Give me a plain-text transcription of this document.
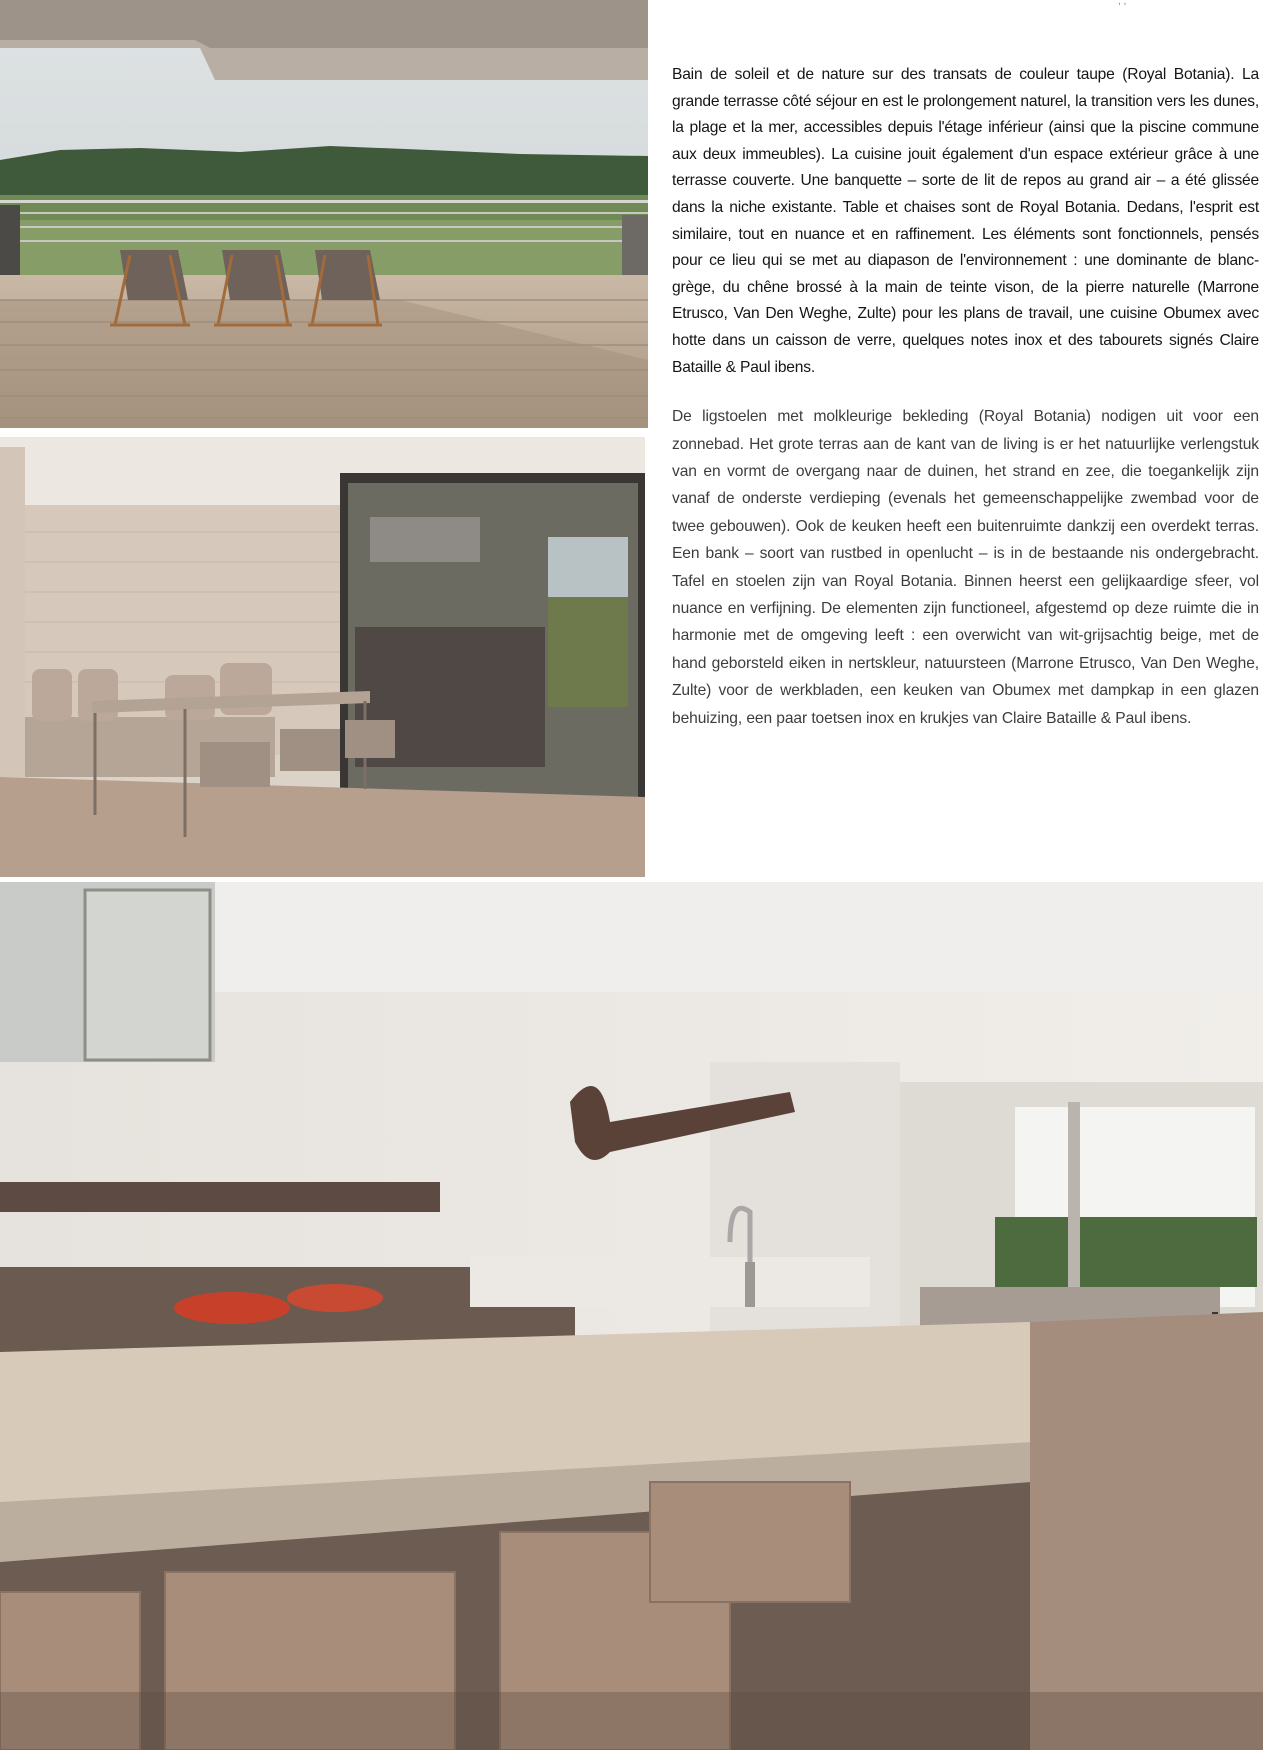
, ,

Bain de soleil et de nature sur des transats de couleur taupe (Royal Botania). La grande terrasse côté séjour en est le prolongement naturel, la transition vers les dunes, la plage et la mer, accessibles depuis l'étage inférieur (ainsi que la piscine commune aux deux immeubles). La cuisine jouit également d'un espace extérieur grâce à une terrasse couverte. Une banquette – sorte de lit de repos au grand air – a été glissée dans la niche existante. Table et chaises sont de Royal Botania. Dedans, l'esprit est similaire, tout en nuance et en raffinement. Les éléments sont fonctionnels, pensés pour ce lieu qui se met au diapason de l'environnement : une dominante de blanc-grège, du chêne brossé à la main de teinte vison, de la pierre naturelle (Marrone Etrusco, Van Den Weghe, Zulte) pour les plans de travail, une cuisine Obumex avec hotte dans un caisson de verre, quelques notes inox et des tabourets signés Claire Bataille & Paul ibens.

De ligstoelen met molkleurige bekleding (Royal Botania) nodigen uit voor een zonnebad. Het grote terras aan de kant van de living is er het natuurlijke verlengstuk van en vormt de overgang naar de duinen, het strand en zee, die toegankelijk zijn vanaf de onderste verdieping (evenals het gemeenschappelijke zwembad voor de twee gebouwen). Ook de keuken heeft een buitenruimte dankzij een overdekt terras. Een bank – soort van rustbed in openlucht – is in de bestaande nis ondergebracht. Tafel en stoelen zijn van Royal Botania. Binnen heerst een gelijkaardige sfeer, vol nuance en verfijning. De elementen zijn functioneel, afgestemd op deze ruimte die in harmonie met de omgeving leeft : een overwicht van wit-grijsachtig beige, met de hand geborsteld eiken in nertskleur, natuursteen (Marrone Etrusco, Van Den Weghe, Zulte) voor de werkbladen, een keuken van Obumex met dampkap in een glazen behuizing, een paar toetsen inox en krukjes van Claire Bataille & Paul ibens.
